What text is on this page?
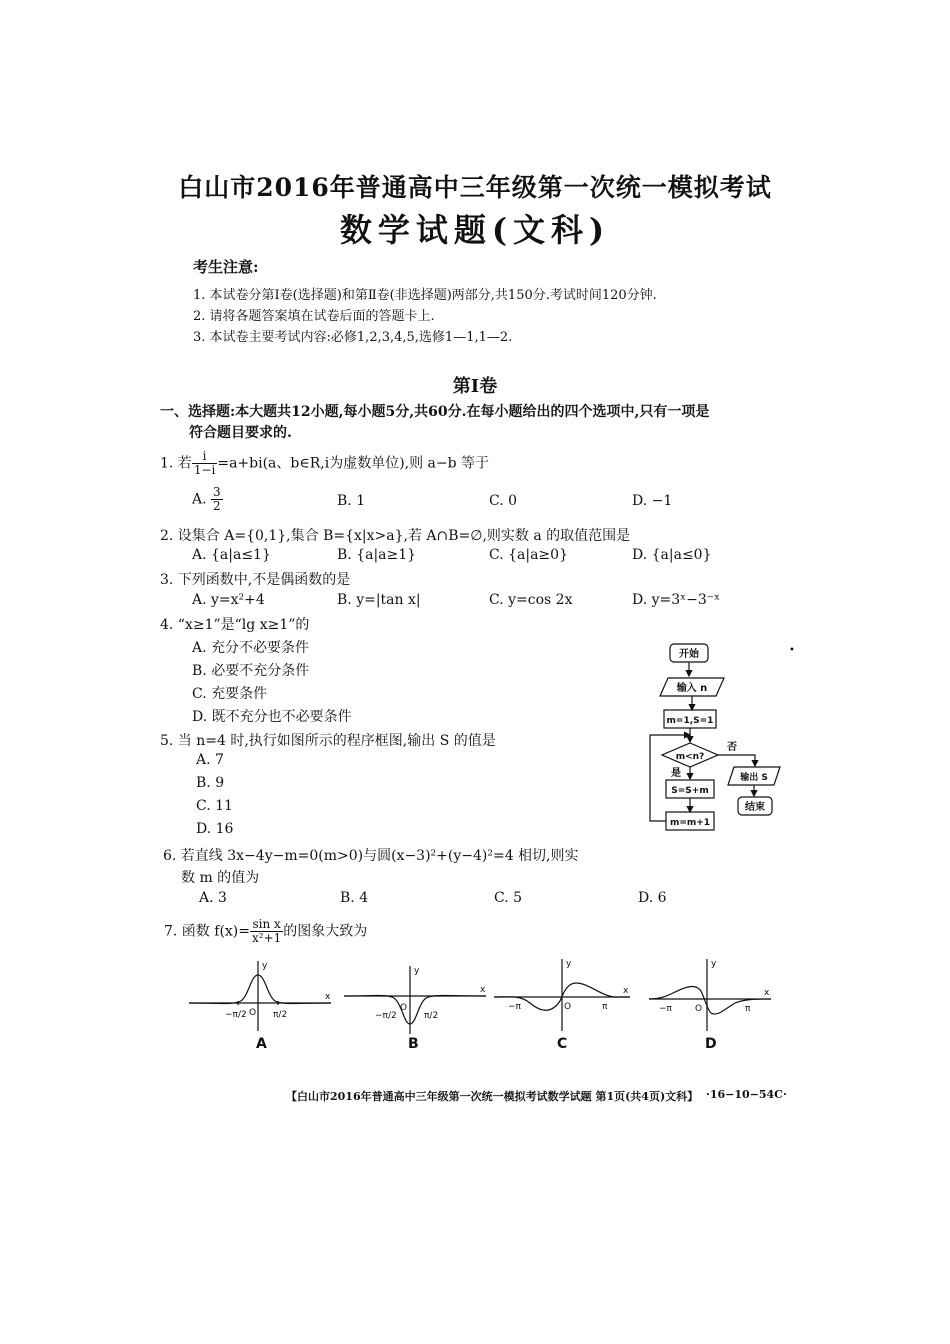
白山市2016年普通高中三年级第一次统一模拟考试
数学试题(文科)
考生注意:
1. 本试卷分第Ⅰ卷(选择题)和第Ⅱ卷(非选择题)两部分,共150分.考试时间120分钟.
2. 请将各题答案填在试卷后面的答题卡上.
3. 本试卷主要考试内容:必修1,2,3,4,5,选修1—1,1—2.
第Ⅰ卷
一、选择题:本大题共12小题,每小题5分,共60分.在每小题给出的四个选项中,只有一项是
符合题目要求的.
1. 若 $\frac{i}{1-i} =a+bi(a$、b∈R,i为虚数单位),则 a−b 等于
A. $\frac{3}{2}$	B. 1	C. 0	D. −1
2. 设集合 A={0,1},集合 B={x|x>a},若 A∩B=∅,则实数 a 的取值范围是
A. {a|a≤1}	B. {a|a≥1}	C. {a|a≥0}	D. {a|a≤0}
3. 下列函数中,不是偶函数的是
A. y=x²+4	B. y=|tan x|	C. y=cos 2x	D. y=3ˣ−3⁻ˣ
4. “x≥1”是“lg x≥1”的
A. 充分不必要条件
B. 必要不充分条件
C. 充要条件
D. 既不充分也不必要条件
5. 当 n=4 时,执行如图所示的程序框图,输出 S 的值是
A. 7
B. 9
C. 11
D. 16
开始
输入 n
m=1,S=1
m<n?
否
是	输出 S
结束
S=S+m
m=m+1
•
6. 若直线 3x−4y−m=0(m>0)与圆(x−3)²+(y−4)²=4 相切,则实
数 m 的值为
A. 3	B. 4	C. 5	D. 6
7. 函数 $f(x)= \frac{\text{sin x}}{\text{x²+1}}$ 的图象大致为
y
x
O
−π/2	π/2
y
x
O
−π/2	π/2
y
x
O
−π	π
y
x
O
−π	π
A	B	C	D
【白山市2016年普通高中三年级第一次统一模拟考试数学试题 第1页(共4页)文科】 ·16−10−54C·
